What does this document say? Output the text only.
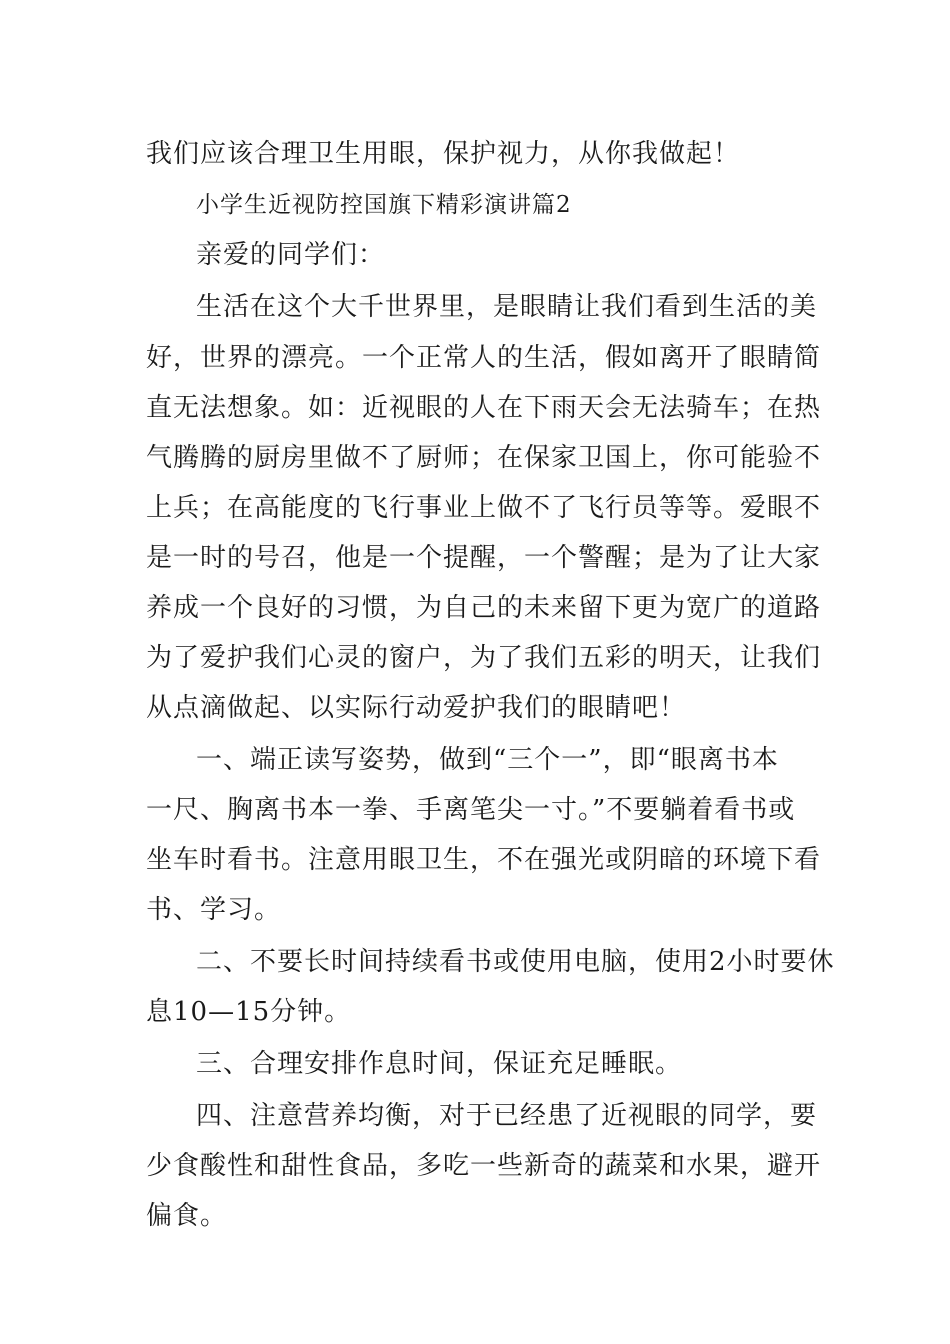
我们应该合理卫生用眼，保护视力，从你我做起！
小学生近视防控国旗下精彩演讲篇2
亲爱的同学们：
生活在这个大千世界里，是眼睛让我们看到生活的美
好，世界的漂亮。一个正常人的生活，假如离开了眼睛简
直无法想象。如：近视眼的人在下雨天会无法骑车；在热
气腾腾的厨房里做不了厨师；在保家卫国上，你可能验不
上兵；在高能度的飞行事业上做不了飞行员等等。爱眼不
是一时的号召，他是一个提醒，一个警醒；是为了让大家
养成一个良好的习惯，为自己的未来留下更为宽广的道路
为了爱护我们心灵的窗户，为了我们五彩的明天，让我们
从点滴做起、以实际行动爱护我们的眼睛吧！
一、端正读写姿势，做到“三个一”，即“眼离书本
一尺、胸离书本一拳、手离笔尖一寸。”不要躺着看书或
坐车时看书。注意用眼卫生，不在强光或阴暗的环境下看
书、学习。
二、不要长时间持续看书或使用电脑，使用2小时要休
息10—15分钟。
三、合理安排作息时间，保证充足睡眠。
四、注意营养均衡，对于已经患了近视眼的同学，要
少食酸性和甜性食品，多吃一些新奇的蔬菜和水果，避开
偏食。
